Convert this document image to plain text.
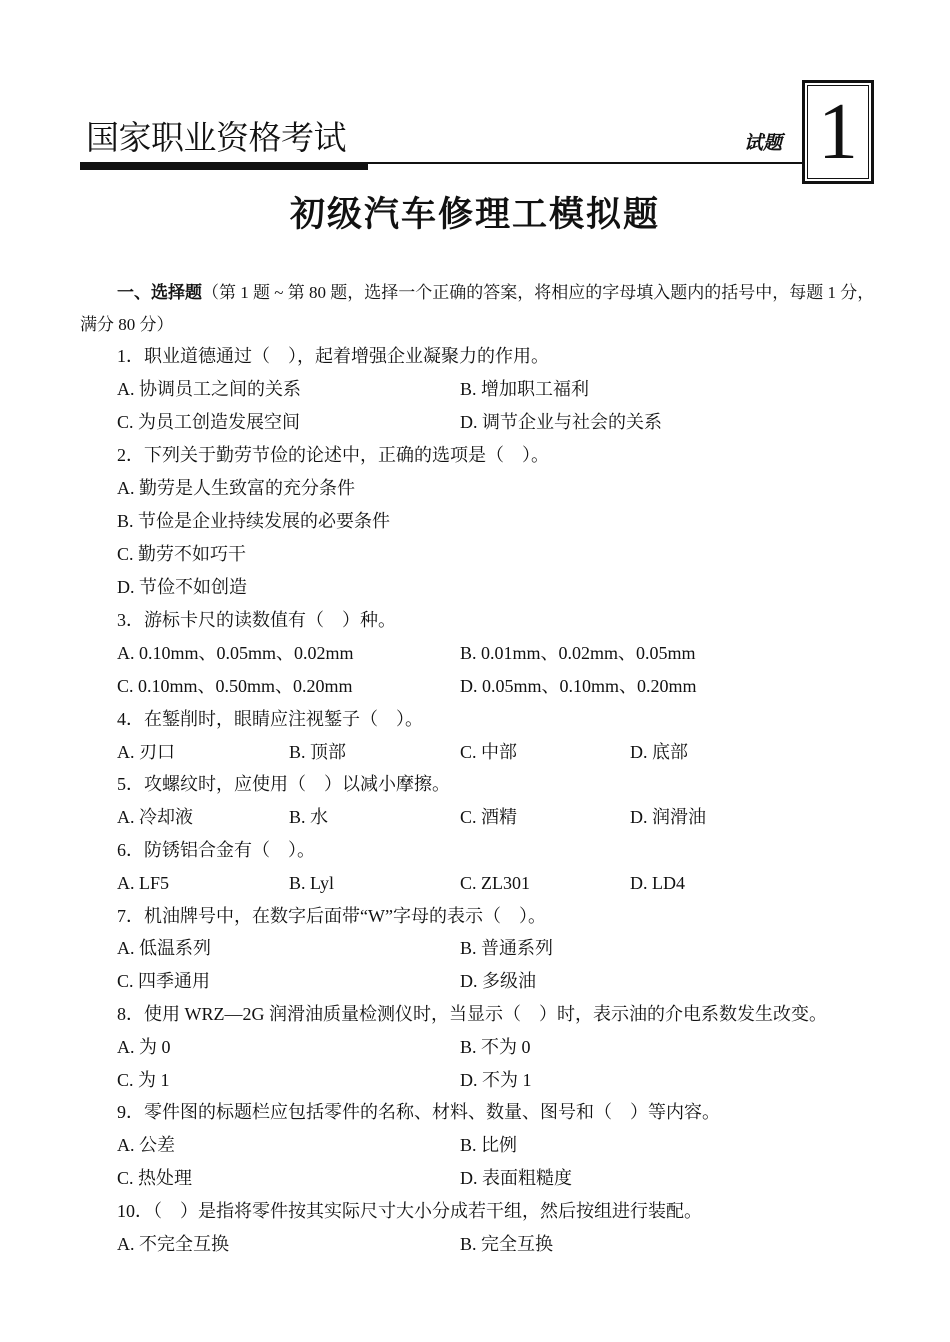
国家职业资格考试	试题 1
初级汽车修理工模拟题
一、选择题（第 1 题 ~ 第 80 题，选择一个正确的答案，将相应的字母填入题内的括号中，每题 1 分，满分 80 分）
1．职业道德通过（　），起着增强企业凝聚力的作用。
A. 协调员工之间的关系	B. 增加职工福利
C. 为员工创造发展空间	D. 调节企业与社会的关系
2．下列关于勤劳节俭的论述中，正确的选项是（　）。
A. 勤劳是人生致富的充分条件
B. 节俭是企业持续发展的必要条件
C. 勤劳不如巧干
D. 节俭不如创造
3．游标卡尺的读数值有（　）种。
A. 0.10mm、0.05mm、0.02mm	B. 0.01mm、0.02mm、0.05mm
C. 0.10mm、0.50mm、0.20mm	D. 0.05mm、0.10mm、0.20mm
4．在錾削时，眼睛应注视錾子（　）。
A. 刃口	B. 顶部	C. 中部	D. 底部
5．攻螺纹时，应使用（　）以减小摩擦。
A. 冷却液	B. 水	C. 酒精	D. 润滑油
6．防锈铝合金有（　）。
A. LF5	B. Lyl	C. ZL301	D. LD4
7．机油牌号中，在数字后面带“W”字母的表示（　）。
A. 低温系列	B. 普通系列
C. 四季通用	D. 多级油
8．使用 WRZ—2G 润滑油质量检测仪时，当显示（　）时，表示油的介电系数发生改变。
A. 为 0	B. 不为 0
C. 为 1	D. 不为 1
9．零件图的标题栏应包括零件的名称、材料、数量、图号和（　）等内容。
A. 公差	B. 比例
C. 热处理	D. 表面粗糙度
10．（　）是指将零件按其实际尺寸大小分成若干组，然后按组进行装配。
A. 不完全互换	B. 完全互换
